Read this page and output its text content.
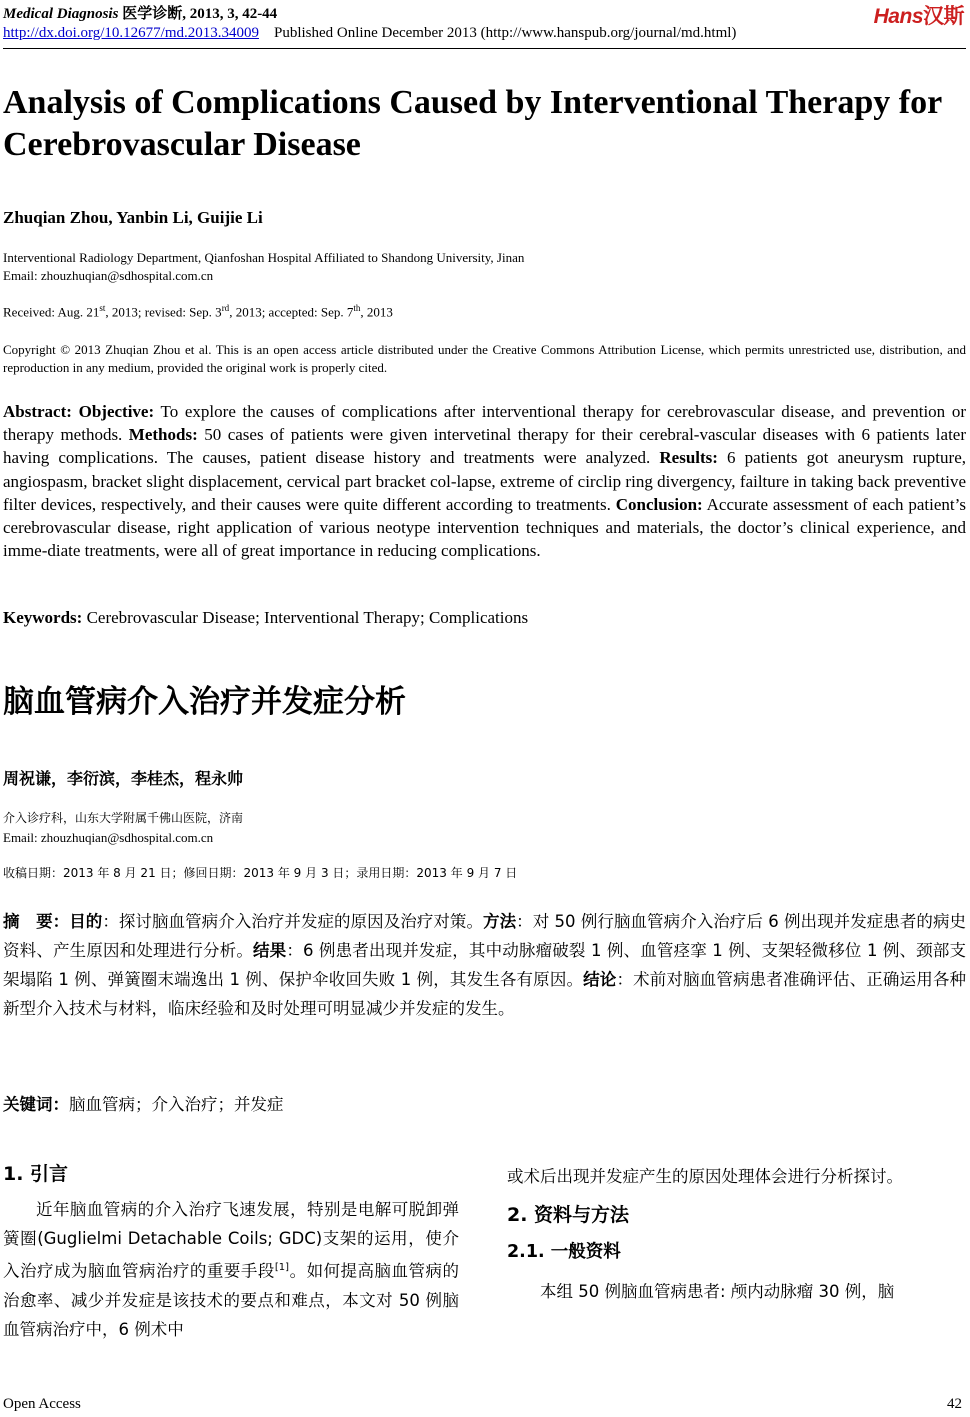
Medical Diagnosis 医学诊断, 2013, 3, 42-44	Hans汉斯
http://dx.doi.org/10.12677/md.2013.34009 Published Online December 2013 (http://www.hanspub.org/journal/md.html)
Analysis of Complications Caused by Interventional Therapy for Cerebrovascular Disease
Zhuqian Zhou, Yanbin Li, Guijie Li
Interventional Radiology Department, Qianfoshan Hospital Affiliated to Shandong University, Jinan
Email: zhouzhuqian@sdhospital.com.cn
Received: Aug. 21st, 2013; revised: Sep. 3rd, 2013; accepted: Sep. 7th, 2013
Copyright © 2013 Zhuqian Zhou et al. This is an open access article distributed under the Creative Commons Attribution License, which permits unrestricted use, distribution, and reproduction in any medium, provided the original work is properly cited.
Abstract: Objective: To explore the causes of complications after interventional therapy for cerebrovascular disease, and prevention or therapy methods. Methods: 50 cases of patients were given intervetinal therapy for their cerebral-vascular diseases with 6 patients later having complications. The causes, patient disease history and treatments were analyzed. Results: 6 patients got aneurysm rupture, angiospasm, bracket slight displacement, cervical part bracket col-lapse, extreme of circlip ring divergency, failture in taking back preventive filter devices, respectively, and their causes were quite different according to treatments. Conclusion: Accurate assessment of each patient’s cerebrovascular disease, right application of various neotype intervention techniques and materials, the doctor’s clinical experience, and imme-diate treatments, were all of great importance in reducing complications.
Keywords: Cerebrovascular Disease; Interventional Therapy; Complications
脑血管病介入治疗并发症分析
周祝谦，李衍滨，李桂杰，程永帅
介入诊疗科，山东大学附属千佛山医院，济南
Email: zhouzhuqian@sdhospital.com.cn
收稿日期：2013 年 8 月 21 日；修回日期：2013 年 9 月 3 日；录用日期：2013 年 9 月 7 日
摘　要：目的：探讨脑血管病介入治疗并发症的原因及治疗对策。方法：对 50 例行脑血管病介入治疗后 6 例出现并发症患者的病史资料、产生原因和处理进行分析。结果：6 例患者出现并发症，其中动脉瘤破裂 1 例、血管痉挛 1 例、支架轻微移位 1 例、颈部支架塌陷 1 例、弹簧圈末端逸出 1 例、保护伞收回失败 1 例，其发生各有原因。结论：术前对脑血管病患者准确评估、正确运用各种新型介入技术与材料，临床经验和及时处理可明显减少并发症的发生。
关键词：脑血管病；介入治疗；并发症
1. 引言

近年脑血管病的介入治疗飞速发展，特别是电解可脱卸弹簧圈(Guglielmi Detachable Coils; GDC)支架的运用，使介入治疗成为脑血管病治疗的重要手段[1]。如何提高脑血管病的治愈率、减少并发症是该技术的要点和难点，本文对 50 例脑血管病治疗中，6 例术中

或术后出现并发症产生的原因处理体会进行分析探讨。

2. 资料与方法
2.1. 一般资料

本组 50 例脑血管病患者: 颅内动脉瘤 30 例，脑

Open Access	42
